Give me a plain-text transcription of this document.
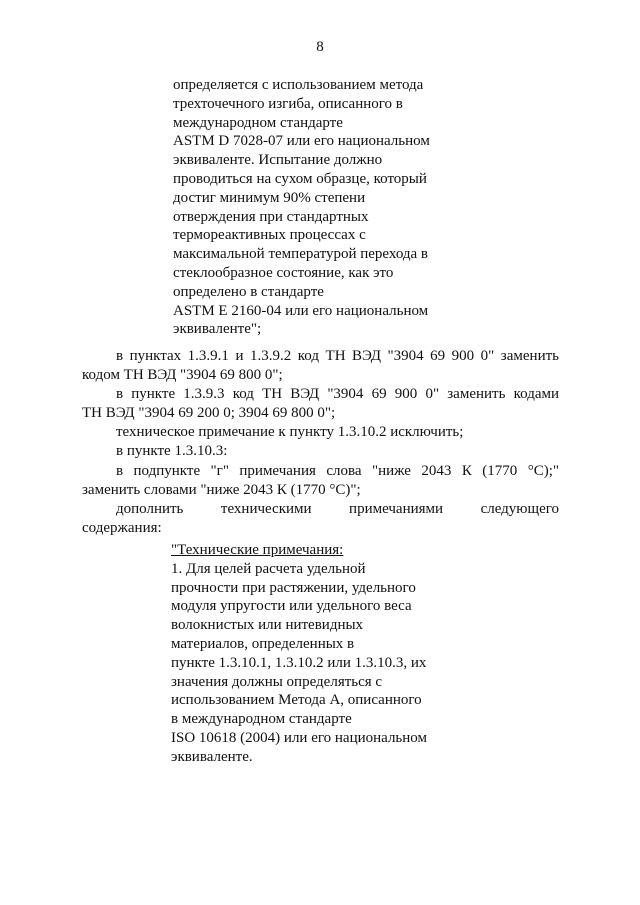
8
определяется с использованием метода
трехточечного изгиба, описанного в
международном стандарте
ASTM D 7028-07 или его национальном
эквиваленте. Испытание должно
проводиться на сухом образце, который
достиг минимум 90% степени
отверждения при стандартных
термореактивных процессах с
максимальной температурой перехода в
стеклообразное состояние, как это
определено в стандарте
ASTM E 2160-04 или его национальном
эквиваленте";
в пунктах 1.3.9.1 и 1.3.9.2 код ТН ВЭД "3904 69 900 0" заменить
кодом ТН ВЭД "3904 69 800 0";
в пункте 1.3.9.3 код ТН ВЭД "3904 69 900 0" заменить кодами
ТН ВЭД "3904 69 200 0; 3904 69 800 0";
техническое примечание к пункту 1.3.10.2 исключить;
в пункте 1.3.10.3:
в подпункте "г" примечания слова "ниже 2043 К (1770 °С);"
заменить словами "ниже 2043 К (1770 °С)";
дополнить техническими примечаниями следующего
содержания:
"Технические примечания:
1. Для целей расчета удельной
прочности при растяжении, удельного
модуля упругости или удельного веса
волокнистых или нитевидных
материалов, определенных в
пункте 1.3.10.1, 1.3.10.2 или 1.3.10.3, их
значения должны определяться с
использованием Метода А, описанного
в международном стандарте
ISO 10618 (2004) или его национальном
эквиваленте.
